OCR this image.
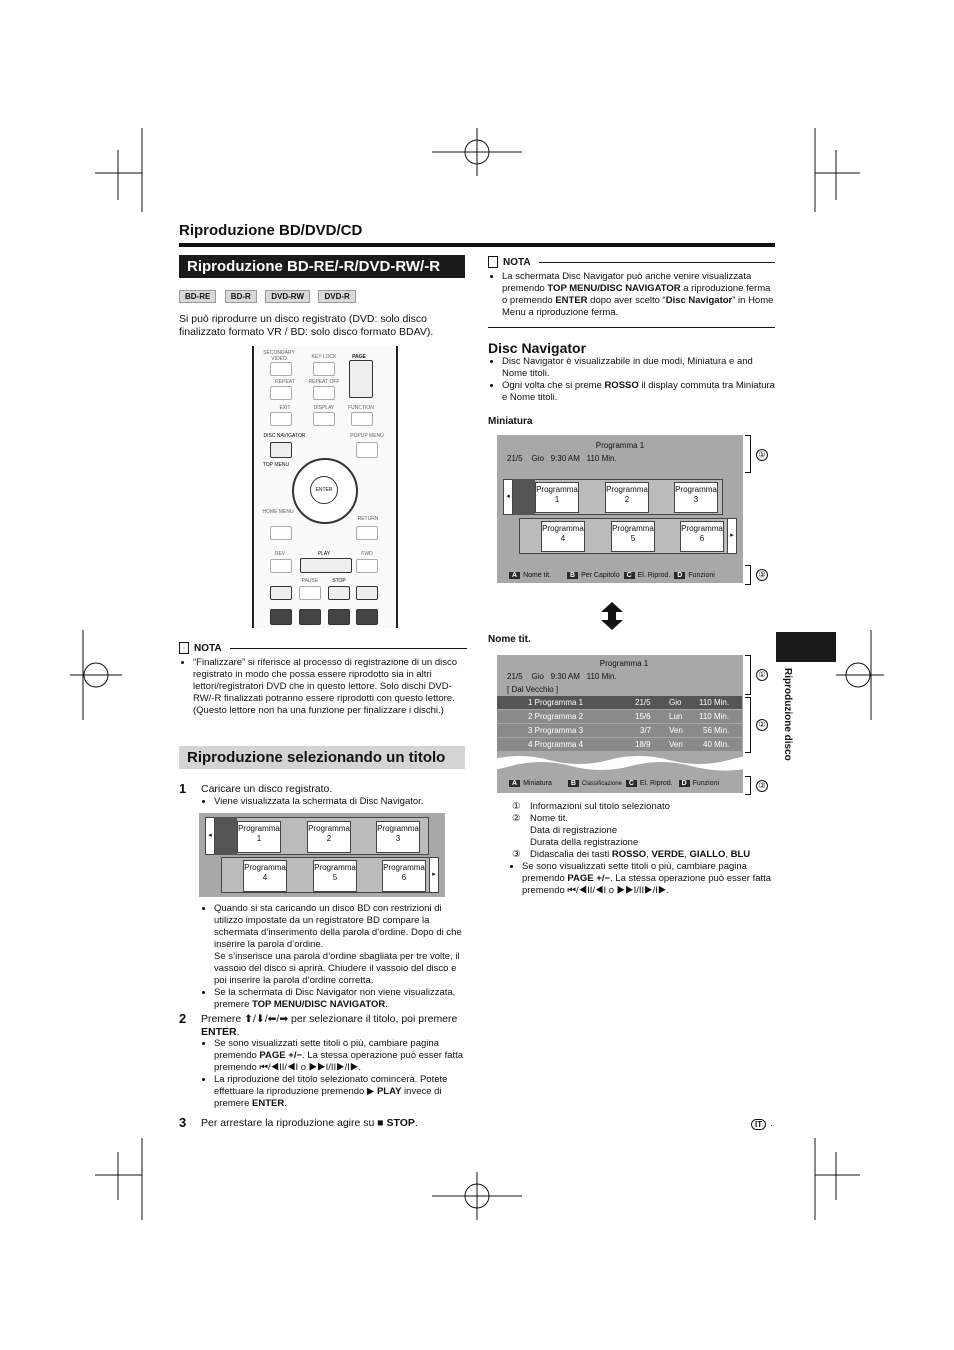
Riproduzione BD/DVD/CD
Riproduzione BD-RE/-R/DVD-RW/-R
BD-RE	BD-R	DVD-RW	DVD-R
Si può riprodurre un disco registrato (DVD: solo disco finalizzato formato VR / BD: solo disco formato BDAV).
SECONDARY VIDEO	KEY LOCK	PAGE
REPEAT	REPEAT OFF
EXIT	DISPLAY	FUNCTION
DISC NAVIGATOR	POPUP MENU
TOP MENU
ENTER
HOME MENU
RETURN
REV	PLAY	FWD
PAUSE	STOP
NOTA
• “Finalizzare” si riferisce al processo di registrazione di un disco registrato in modo che possa essere riprodotto sia in altri lettori/registratori DVD che in questo lettore. Solo dischi DVD-RW/-R finalizzati potranno essere riprodotti con questo lettore. (Questo lettore non ha una funzione per finalizzare i dischi.)
Riproduzione selezionando un titolo
1	Caricare un disco registrato.
• Viene visualizzata la schermata di Disc Navigator.
◂
Programma
1
Programma
2
Programma
3
▸
Programma
4
Programma
5
Programma
6
• Quando si sta caricando un disco BD con restrizioni di utilizzo impostate da un registratore BD compare la schermata d’inserimento della parola d’ordine. Dopo di che inserire la parola d’ordine.
Se s’inserisce una parola d’ordine sbagliata per tre volte, il vassoio del disco si aprirà. Chiudere il vassoio del disco e poi inserire la parola d’ordine corretta.
• Se la schermata di Disc Navigator non viene visualizzata, premere TOP MENU/DISC NAVIGATOR.
2	Premere ⬆/⬇/⬅/➡ per selezionare il titolo, poi premere ENTER.
• Se sono visualizzati sette titoli o più, cambiare pagina premendo PAGE +/−. La stessa operazione può esser fatta premendo ⏮/◀II/◀I o ▶▶I/II▶/I▶.
• La riproduzione del titolo selezionato comincerà. Potete effettuare la riproduzione premendo ▶ PLAY invece di premere ENTER.
3	Per arrestare la riproduzione agire su ■ STOP.
NOTA
• La schermata Disc Navigator può anche venire visualizzata premendo TOP MENU/DISC NAVIGATOR a riproduzione ferma o premendo ENTER dopo aver scelto “Disc Navigator” in Home Menu a riproduzione ferma.
Disc Navigator
• Disc Navigator è visualizzabile in due modi, Miniatura e and Nome titoli.
• Ogni volta che si preme ROSSO il display commuta tra Miniatura e Nome titoli.
Miniatura
Programma 1
21/5    Gio   9:30 AM   110 Min.
◂
Programma
1
Programma
2
Programma
3
▸
Programma
4
Programma
5
Programma
6
A Nome tit.	B Per Capitolo C El. Riprod. D Funzioni
①
③
Nome tit.
Programma 1
21/5    Gio   9:30 AM   110 Min.
[ Dal Vecchio ]
1 Programma 1	21/5 Gio 110 Min.
2 Programma 2	15/6 Lun 110 Min.
3 Programma 3	3/7 Ven	56 Min.
4 Programma 4	18/9 Ven	40 Min.
A Miniatura	B Classificazione C El. Riprod. D Funzioni
①
②
③
① Informazioni sul titolo selezionato
② Nome tit.
Data di registrazione
Durata della registrazione
③ Didascalia dei tasti ROSSO, VERDE, GIALLO, BLU
• Se sono visualizzati sette titoli o più, cambiare pagina premendo PAGE +/−. La stessa operazione può esser fatta premendo ⏮/◀II/◀I o ▶▶I/II▶/I▶.
Riproduzione disco
IT ·
